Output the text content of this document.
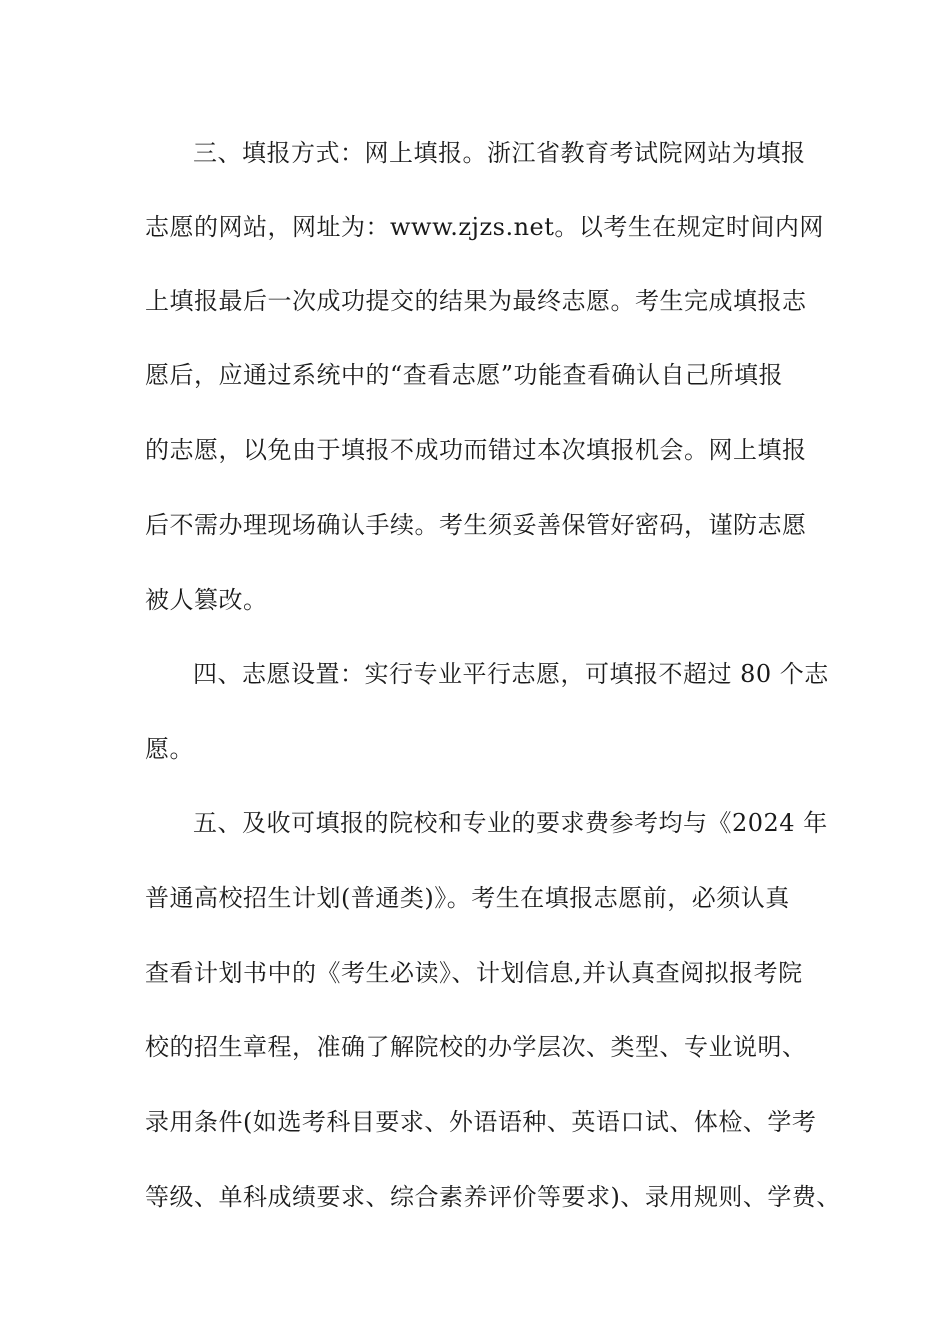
三、填报方式：网上填报。浙江省教育考试院网站为填报
志愿的网站，网址为：www.zjzs.net。以考生在规定时间内网
上填报最后一次成功提交的结果为最终志愿。考生完成填报志
愿后，应通过系统中的“查看志愿”功能查看确认自己所填报
的志愿，以免由于填报不成功而错过本次填报机会。网上填报
后不需办理现场确认手续。考生须妥善保管好密码，谨防志愿
被人篡改。
四、志愿设置：实行专业平行志愿，可填报不超过 80 个志
愿。
五、及收可填报的院校和专业的要求费参考均与《2024 年
普通高校招生计划(普通类)》。考生在填报志愿前，必须认真
查看计划书中的《考生必读》、计划信息,并认真查阅拟报考院
校的招生章程，准确了解院校的办学层次、类型、专业说明、
录用条件(如选考科目要求、外语语种、英语口试、体检、学考
等级、单科成绩要求、综合素养评价等要求)、录用规则、学费、
